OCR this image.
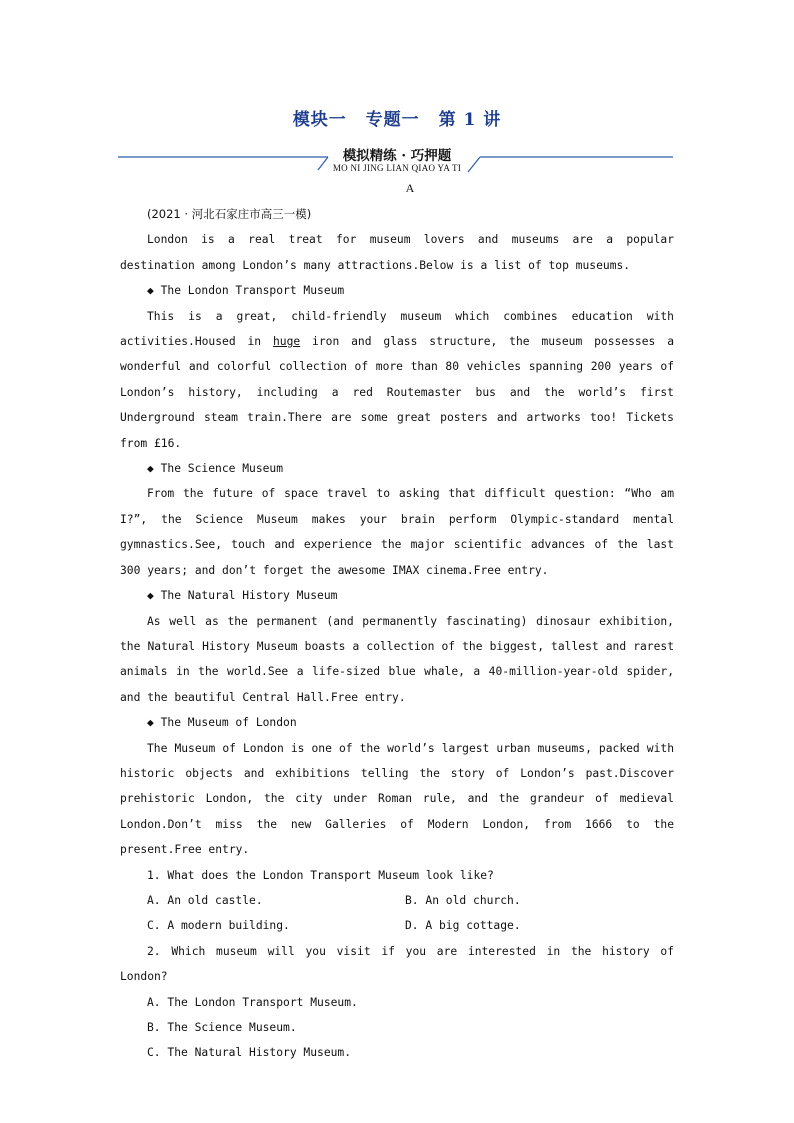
模块一 专题一 第 1 讲
模拟精练 · 巧押题
MO NI JING LIAN QIAO YA TI
A

(2021 · 河北石家庄市高三一模)

London is a real treat for museum lovers and museums are a popular destination among London’s many attractions.Below is a list of top museums.

◆ The London Transport Museum

This is a great, child-friendly museum which combines education with activities.Housed in huge iron and glass structure, the museum possesses a wonderful and colorful collection of more than 80 vehicles spanning 200 years of London’s history, including a red Routemaster bus and the world’s first Underground steam train.There are some great posters and artworks too! Tickets from £16.

◆ The Science Museum

From the future of space travel to asking that difficult question: “Who am I?”, the Science Museum makes your brain perform Olympic-standard mental gymnastics.See, touch and experience the major scientific advances of the last 300 years; and don’t forget the awesome IMAX cinema.Free entry.

◆ The Natural History Museum

As well as the permanent (and permanently fascinating) dinosaur exhibition, the Natural History Museum boasts a collection of the biggest, tallest and rarest animals in the world.See a life-sized blue whale, a 40-million-year-old spider, and the beautiful Central Hall.Free entry.

◆ The Museum of London

The Museum of London is one of the world’s largest urban museums, packed with historic objects and exhibitions telling the story of London’s past.Discover prehistoric London, the city under Roman rule, and the grandeur of medieval London.Don’t miss the new Galleries of Modern London, from 1666 to the present.Free entry.

1. What does the London Transport Museum look like?

A. An old castle.	B. An old church.
C. A modern building.	D. A big cottage.

2. Which museum will you visit if you are interested in the history of London?

A. The London Transport Museum.

B. The Science Museum.

C. The Natural History Museum.
